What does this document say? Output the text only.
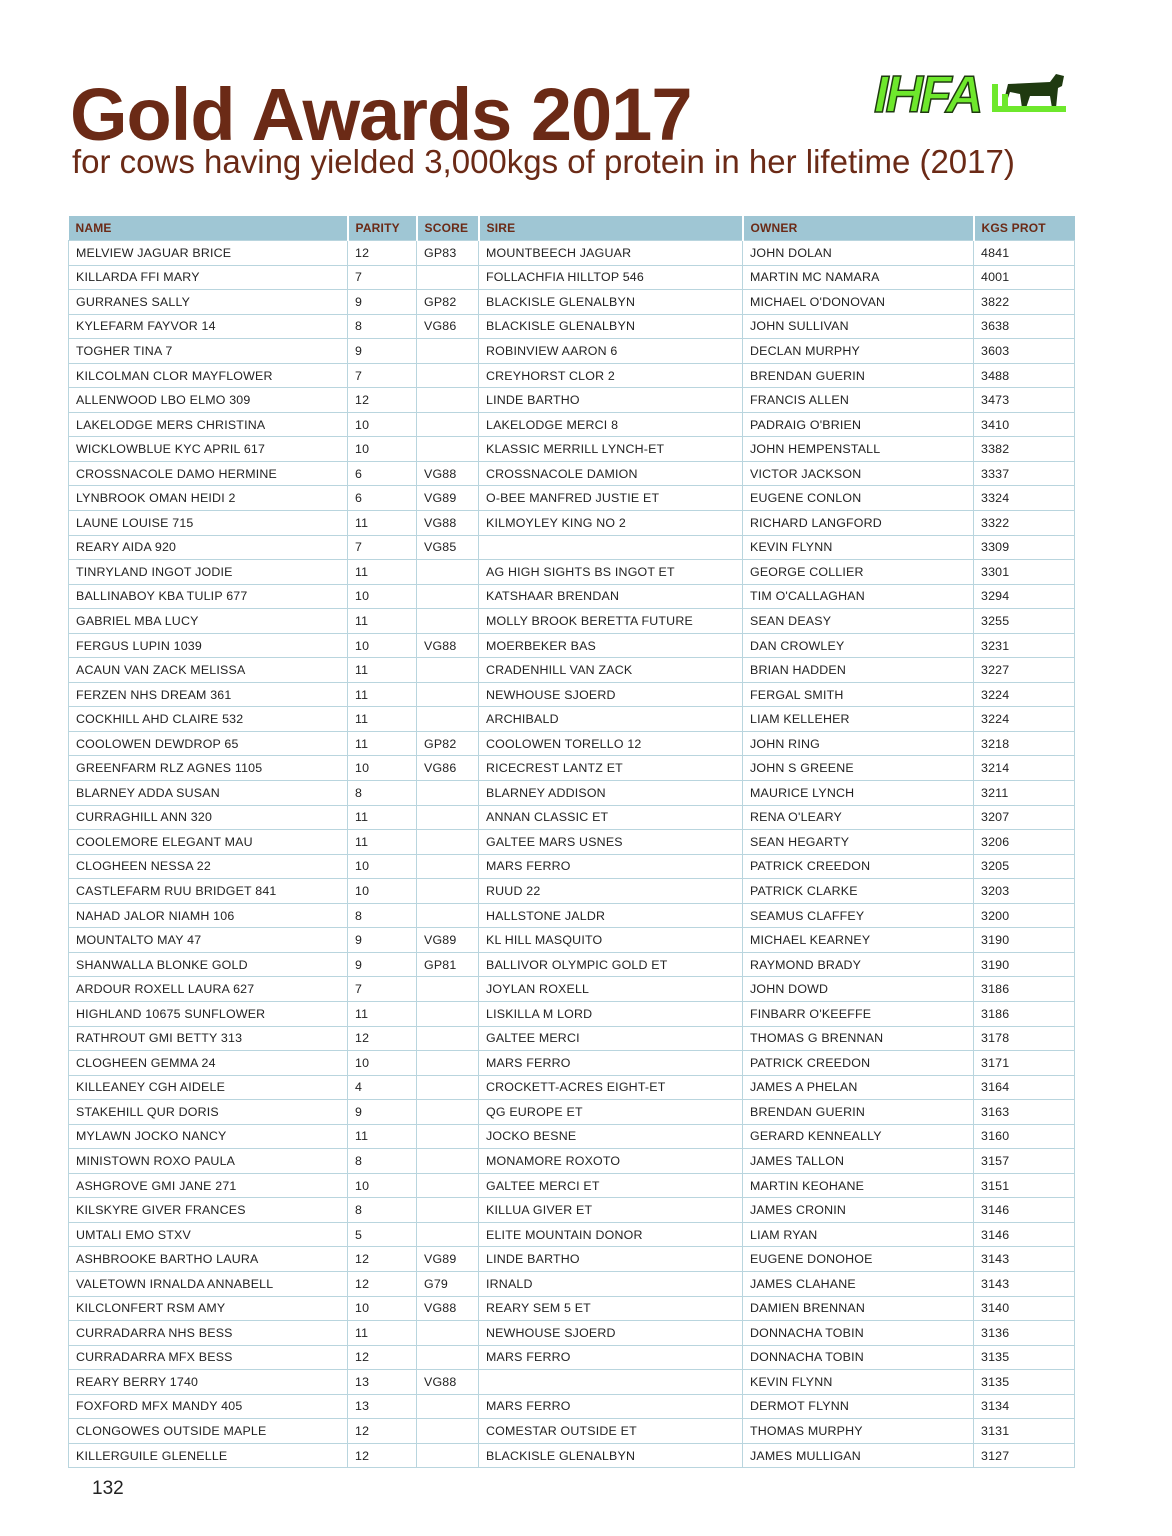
Gold Awards 2017
for cows having yielded 3,000kgs of protein in her lifetime (2017)
IHFA
NAME	PARITY	SCORE	SIRE	OWNER	KGS PROT
MELVIEW JAGUAR BRICE	12	GP83	MOUNTBEECH JAGUAR	JOHN DOLAN	4841
KILLARDA FFI MARY	7		FOLLACHFIA HILLTOP 546	MARTIN MC NAMARA	4001
GURRANES SALLY	9	GP82	BLACKISLE GLENALBYN	MICHAEL O'DONOVAN	3822
KYLEFARM FAYVOR 14	8	VG86	BLACKISLE GLENALBYN	JOHN SULLIVAN	3638
TOGHER TINA 7	9		ROBINVIEW AARON 6	DECLAN MURPHY	3603
KILCOLMAN CLOR MAYFLOWER	7		CREYHORST CLOR 2	BRENDAN GUERIN	3488
ALLENWOOD LBO ELMO 309	12		LINDE BARTHO	FRANCIS ALLEN	3473
LAKELODGE MERS CHRISTINA	10		LAKELODGE MERCI 8	PADRAIG O'BRIEN	3410
WICKLOWBLUE KYC APRIL 617	10		KLASSIC MERRILL LYNCH-ET	JOHN HEMPENSTALL	3382
CROSSNACOLE DAMO HERMINE	6	VG88	CROSSNACOLE DAMION	VICTOR JACKSON	3337
LYNBROOK OMAN HEIDI 2	6	VG89	O-BEE MANFRED JUSTIE ET	EUGENE CONLON	3324
LAUNE LOUISE 715	11	VG88	KILMOYLEY KING NO 2	RICHARD LANGFORD	3322
REARY AIDA 920	7	VG85		KEVIN FLYNN	3309
TINRYLAND INGOT JODIE	11		AG HIGH SIGHTS BS INGOT ET	GEORGE COLLIER	3301
BALLINABOY KBA TULIP 677	10		KATSHAAR BRENDAN	TIM O'CALLAGHAN	3294
GABRIEL MBA LUCY	11		MOLLY BROOK BERETTA FUTURE	SEAN DEASY	3255
FERGUS LUPIN 1039	10	VG88	MOERBEKER BAS	DAN CROWLEY	3231
ACAUN VAN ZACK MELISSA	11		CRADENHILL VAN ZACK	BRIAN HADDEN	3227
FERZEN NHS DREAM 361	11		NEWHOUSE SJOERD	FERGAL SMITH	3224
COCKHILL AHD CLAIRE 532	11		ARCHIBALD	LIAM KELLEHER	3224
COOLOWEN DEWDROP 65	11	GP82	COOLOWEN TORELLO 12	JOHN RING	3218
GREENFARM RLZ AGNES 1105	10	VG86	RICECREST LANTZ ET	JOHN S GREENE	3214
BLARNEY ADDA SUSAN	8		BLARNEY ADDISON	MAURICE LYNCH	3211
CURRAGHILL ANN 320	11		ANNAN CLASSIC ET	RENA O'LEARY	3207
COOLEMORE ELEGANT MAU	11		GALTEE MARS USNES	SEAN HEGARTY	3206
CLOGHEEN NESSA 22	10		MARS FERRO	PATRICK CREEDON	3205
CASTLEFARM RUU BRIDGET 841	10		RUUD 22	PATRICK CLARKE	3203
NAHAD JALOR NIAMH 106	8		HALLSTONE JALDR	SEAMUS CLAFFEY	3200
MOUNTALTO MAY 47	9	VG89	KL HILL MASQUITO	MICHAEL KEARNEY	3190
SHANWALLA BLONKE GOLD	9	GP81	BALLIVOR OLYMPIC GOLD ET	RAYMOND BRADY	3190
ARDOUR ROXELL LAURA 627	7		JOYLAN ROXELL	JOHN DOWD	3186
HIGHLAND 10675 SUNFLOWER	11		LISKILLA M LORD	FINBARR O'KEEFFE	3186
RATHROUT GMI BETTY 313	12		GALTEE MERCI	THOMAS G BRENNAN	3178
CLOGHEEN GEMMA 24	10		MARS FERRO	PATRICK CREEDON	3171
KILLEANEY CGH AIDELE	4		CROCKETT-ACRES EIGHT-ET	JAMES A PHELAN	3164
STAKEHILL QUR DORIS	9		QG EUROPE ET	BRENDAN GUERIN	3163
MYLAWN JOCKO NANCY	11		JOCKO BESNE	GERARD KENNEALLY	3160
MINISTOWN ROXO PAULA	8		MONAMORE ROXOTO	JAMES TALLON	3157
ASHGROVE GMI JANE 271	10		GALTEE MERCI ET	MARTIN KEOHANE	3151
KILSKYRE GIVER FRANCES	8		KILLUA GIVER ET	JAMES CRONIN	3146
UMTALI EMO STXV	5		ELITE MOUNTAIN DONOR	LIAM RYAN	3146
ASHBROOKE BARTHO LAURA	12	VG89	LINDE BARTHO	EUGENE DONOHOE	3143
VALETOWN IRNALDA ANNABELL	12	G79	IRNALD	JAMES CLAHANE	3143
KILCLONFERT RSM AMY	10	VG88	REARY SEM 5 ET	DAMIEN BRENNAN	3140
CURRADARRA NHS BESS	11		NEWHOUSE SJOERD	DONNACHA TOBIN	3136
CURRADARRA MFX BESS	12		MARS FERRO	DONNACHA TOBIN	3135
REARY BERRY 1740	13	VG88		KEVIN FLYNN	3135
FOXFORD MFX MANDY 405	13		MARS FERRO	DERMOT FLYNN	3134
CLONGOWES OUTSIDE MAPLE	12		COMESTAR OUTSIDE ET	THOMAS MURPHY	3131
KILLERGUILE GLENELLE	12		BLACKISLE GLENALBYN	JAMES MULLIGAN	3127
132
